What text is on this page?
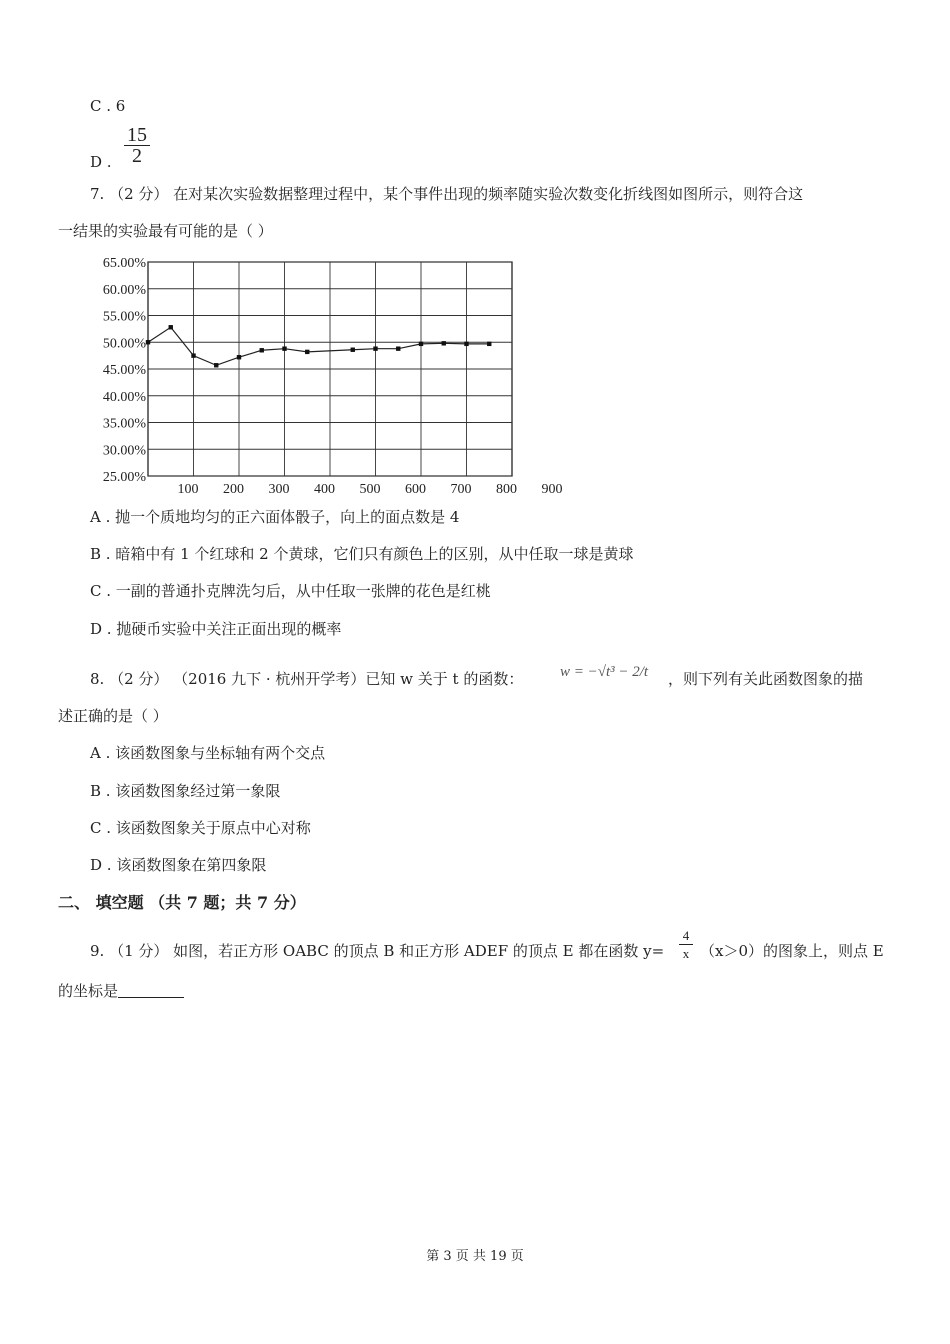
C . 6
D .
15
2
7. （2 分） 在对某次实验数据整理过程中，某个事件出现的频率随实验次数变化折线图如图所示，则符合这
一结果的实验最有可能的是（ ）
65.00%
60.00%
55.00%
50.00%
45.00%
40.00%
35.00%
30.00%
25.00%
100 200 300 400 500 600 700 800 900
A . 抛一个质地均匀的正六面体骰子，向上的面点数是 4
B . 暗箱中有 1 个红球和 2 个黄球，它们只有颜色上的区别，从中任取一球是黄球
C . 一副的普通扑克牌洗匀后，从中任取一张牌的花色是红桃
D . 抛硬币实验中关注正面出现的概率
8. （2 分） （2016 九下 · 杭州开学考）已知 w 关于 t 的函数： w = −√t³ − 2/t ，则下列有关此函数图象的描
述正确的是（ ）
A . 该函数图象与坐标轴有两个交点
B . 该函数图象经过第一象限
C . 该函数图象关于原点中心对称
D . 该函数图象在第四象限
二、 填空题 （共 7 题；共 7 分）
9. （1 分） 如图，若正方形 OABC 的顶点 B 和正方形 ADEF 的顶点 E 都在函数 y=
4
x （x＞0）的图象上，则点 E
的坐标是
第 3 页 共 19 页
